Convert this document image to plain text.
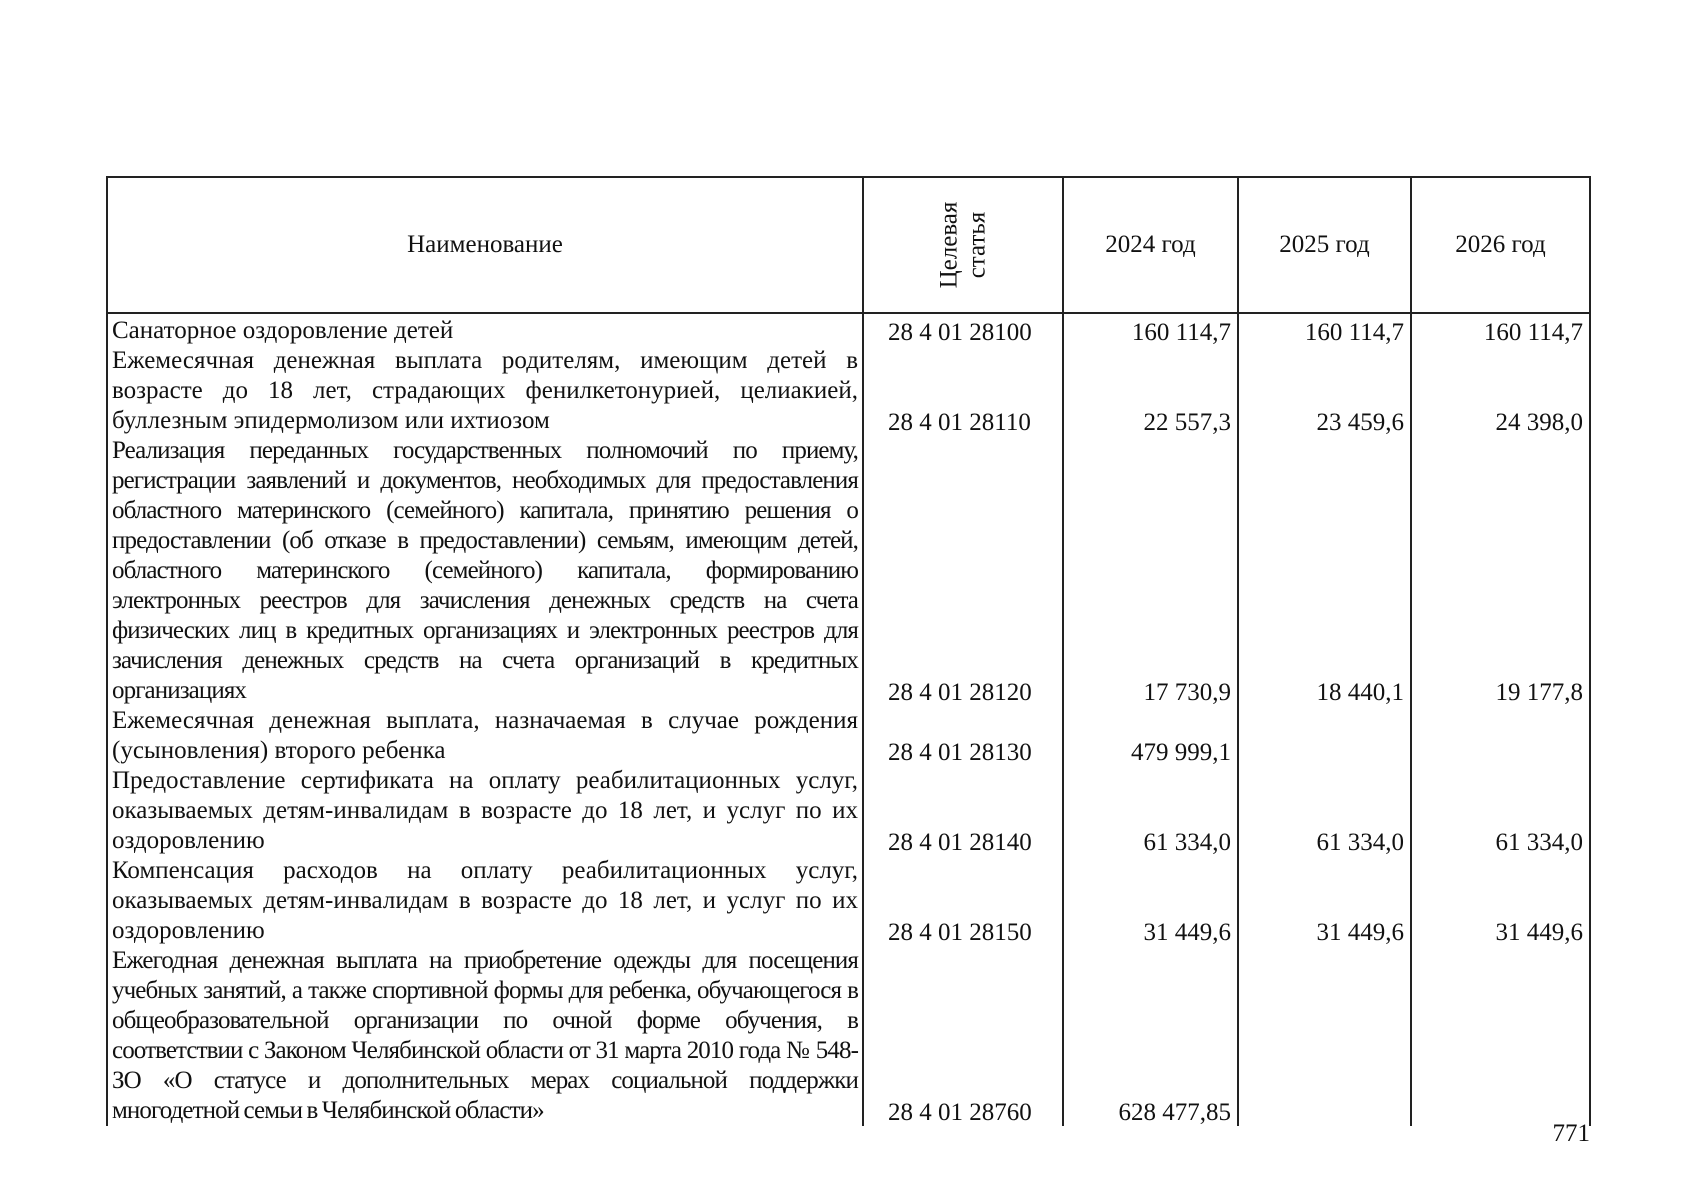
Наименование	Целевая статья	2024 год	2025 год	2026 год
Санаторное оздоровление детей	28 4 01 28100	160 114,7	160 114,7	160 114,7
Ежемесячная денежная выплата родителям, имеющим детей в возрасте до 18 лет, страдающих фенилкетонурией, целиакией, буллезным эпидермолизом или ихтиозом	28 4 01 28110	22 557,3	23 459,6	24 398,0
Реализация переданных государственных полномочий по приему, регистрации заявлений и документов, необходимых для предоставления областного материнского (семейного) капитала, принятию решения о предоставлении (об отказе в предоставлении) семьям, имеющим детей, областного материнского (семейного) капитала, формированию электронных реестров для зачисления денежных средств на счета физических лиц в кредитных организациях и электронных реестров для зачисления денежных средств на счета организаций в кредитных организациях	28 4 01 28120	17 730,9	18 440,1	19 177,8
Ежемесячная денежная выплата, назначаемая в случае рождения (усыновления) второго ребенка	28 4 01 28130	479 999,1		
Предоставление сертификата на оплату реабилитационных услуг, оказываемых детям-инвалидам в возрасте до 18 лет, и услуг по их оздоровлению	28 4 01 28140	61 334,0	61 334,0	61 334,0
Компенсация расходов на оплату реабилитационных услуг, оказываемых детям-инвалидам в возрасте до 18 лет, и услуг по их оздоровлению	28 4 01 28150	31 449,6	31 449,6	31 449,6
Ежегодная денежная выплата на приобретение одежды для посещения учебных занятий, а также спортивной формы для ребенка, обучающегося в общеобразовательной организации по очной форме обучения, в соответствии с Законом Челябинской области от 31 марта 2010 года № 548-ЗО «О статусе и дополнительных мерах социальной поддержки многодетной семьи в Челябинской области»	28 4 01 28760	628 477,85		
771
